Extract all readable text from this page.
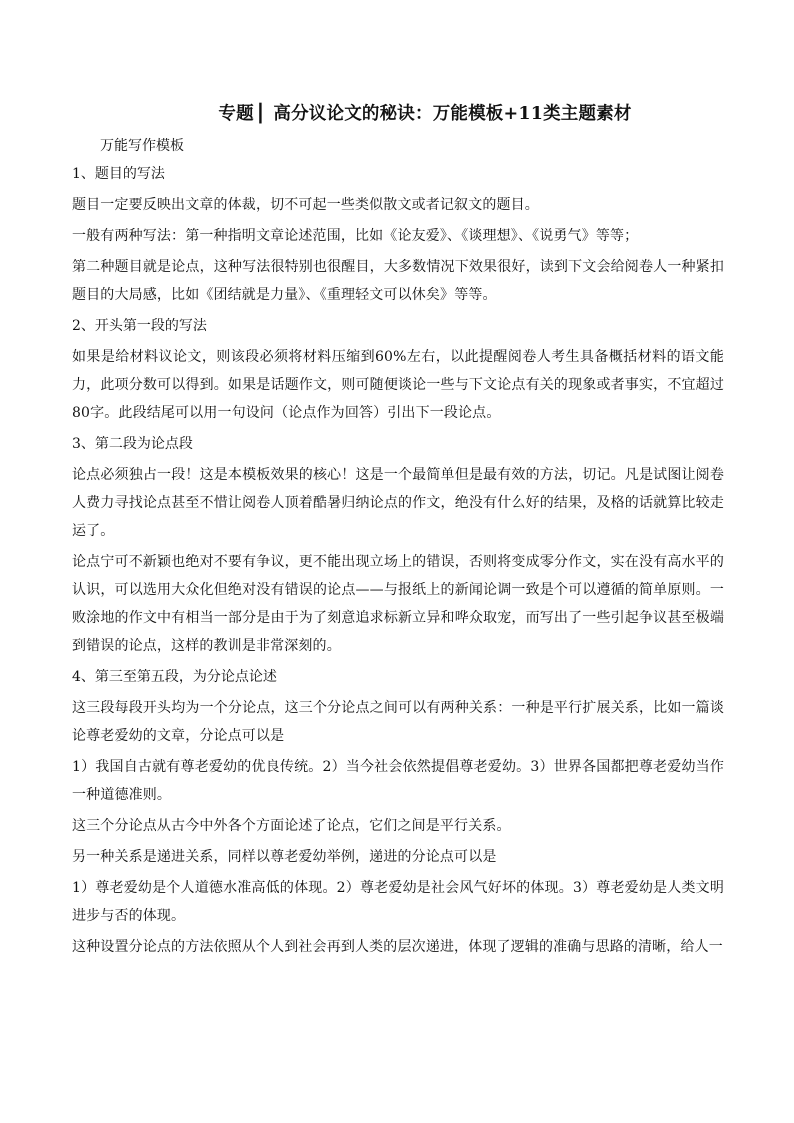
专题⎪ 高分议论文的秘诀：万能模板+11类主题素材

万能写作模板

1、题目的写法

题目一定要反映出文章的体裁，切不可起一些类似散文或者记叙文的题目。

一般有两种写法：第一种指明文章论述范围，比如《论友爱》、《谈理想》、《说勇气》等等；

第二种题目就是论点，这种写法很特别也很醒目，大多数情况下效果很好，读到下文会给阅卷人一种紧扣题目的大局感，比如《团结就是力量》、《重理轻文可以休矣》等等。

2、开头第一段的写法

如果是给材料议论文，则该段必须将材料压缩到60%左右，以此提醒阅卷人考生具备概括材料的语文能力，此项分数可以得到。如果是话题作文，则可随便谈论一些与下文论点有关的现象或者事实，不宜超过80字。此段结尾可以用一句设问（论点作为回答）引出下一段论点。

3、第二段为论点段

论点必须独占一段！这是本模板效果的核心！这是一个最简单但是最有效的方法，切记。凡是试图让阅卷人费力寻找论点甚至不惜让阅卷人顶着酷暑归纳论点的作文，绝没有什么好的结果，及格的话就算比较走运了。

论点宁可不新颖也绝对不要有争议，更不能出现立场上的错误，否则将变成零分作文，实在没有高水平的认识，可以选用大众化但绝对没有错误的论点——与报纸上的新闻论调一致是个可以遵循的简单原则。一败涂地的作文中有相当一部分是由于为了刻意追求标新立异和哗众取宠，而写出了一些引起争议甚至极端到错误的论点，这样的教训是非常深刻的。

4、第三至第五段，为分论点论述

这三段每段开头均为一个分论点，这三个分论点之间可以有两种关系：一种是平行扩展关系，比如一篇谈论尊老爱幼的文章，分论点可以是

1）我国自古就有尊老爱幼的优良传统。2）当今社会依然提倡尊老爱幼。3）世界各国都把尊老爱幼当作一种道德准则。

这三个分论点从古今中外各个方面论述了论点，它们之间是平行关系。

另一种关系是递进关系，同样以尊老爱幼举例，递进的分论点可以是

1）尊老爱幼是个人道德水准高低的体现。2）尊老爱幼是社会风气好坏的体现。3）尊老爱幼是人类文明进步与否的体现。

这种设置分论点的方法依照从个人到社会再到人类的层次递进，体现了逻辑的准确与思路的清晰，给人一
